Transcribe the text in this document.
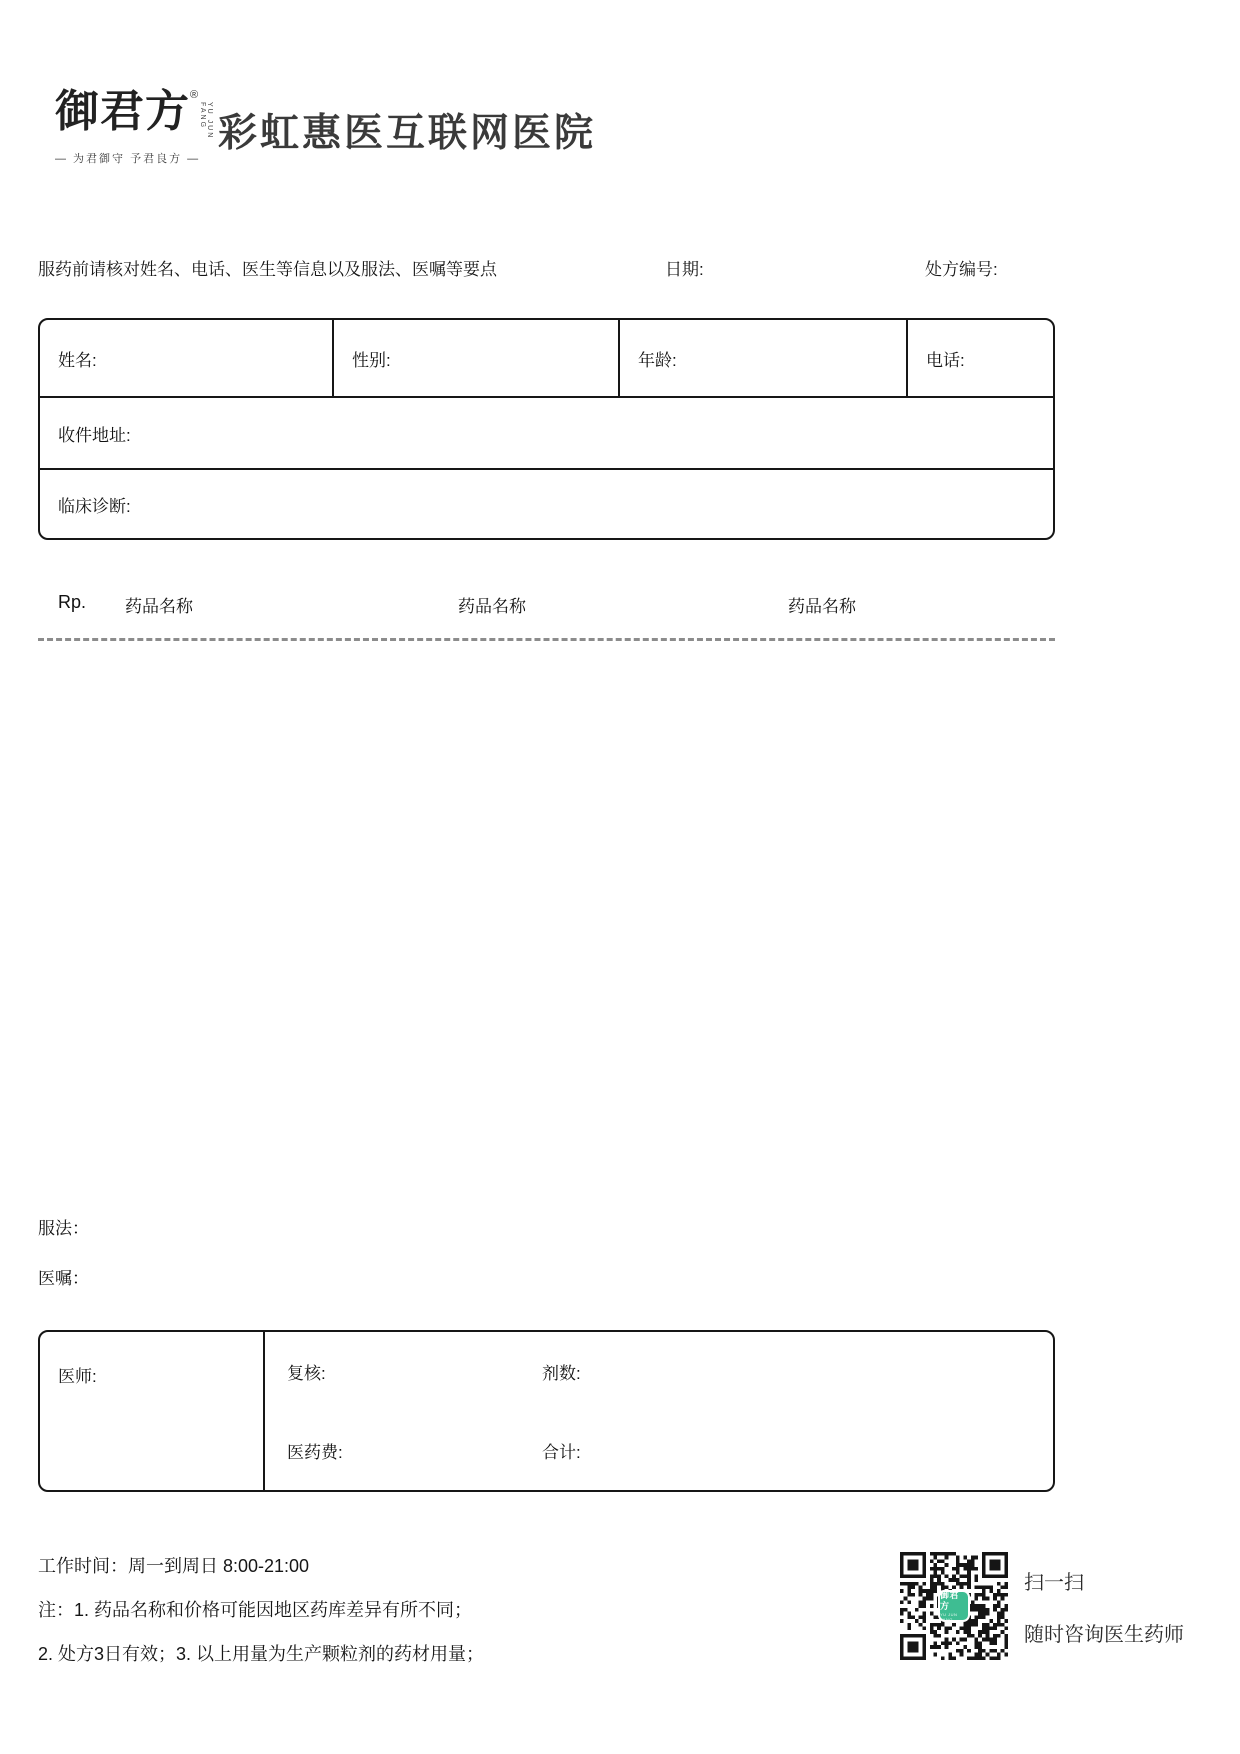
御君方 ®
YU JUN FANG
— 为君御守 予君良方 —
彩虹惠医互联网医院
服药前请核对姓名、电话、医生等信息以及服法、医嘱等要点	日期:	处方编号:
姓名:	性别:	年龄:	电话:
收件地址:
临床诊断:
Rp. 药品名称	药品名称	药品名称
服法：
医嘱：
医师:	复核:	剂数:
医药费:	合计:
工作时间：周一到周日 8:00-21:00
注：1. 药品名称和价格可能因地区药库差异有所不同；
2. 处方3日有效；3. 以上用量为生产颗粒剂的药材用量；
御君方
YU JUN FANG
扫一扫
随时咨询医生药师
